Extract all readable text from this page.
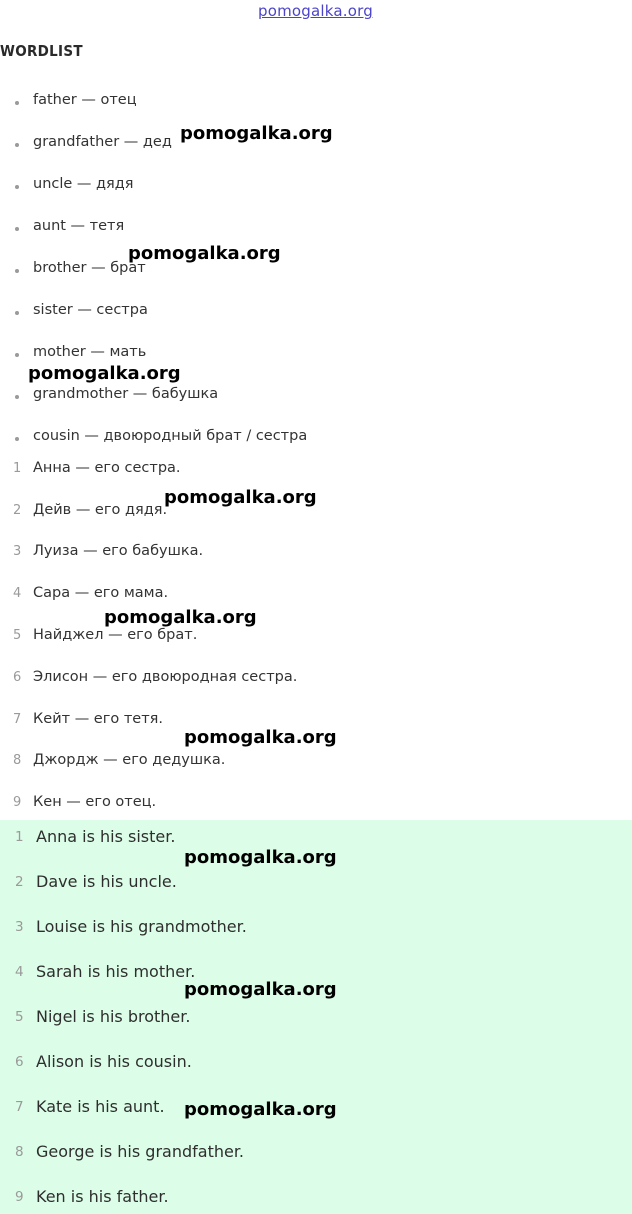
pomogalka.org
WORDLIST
father — отец
grandfather — дед
uncle — дядя
aunt — тетя
brother — брат
sister — сестра
mother — мать
grandmother — бабушка
cousin — двоюродный брат / сестра
1 Анна — его сестра.
2 Дейв — его дядя.
3 Луиза — его бабушка.
4 Сара — его мама.
5 Найджел — его брат.
6 Элисон — его двоюродная сестра.
7 Кейт — его тетя.
8 Джордж — его дедушка.
9 Кен — его отец.
1 Anna is his sister.
2 Dave is his uncle.
3 Louise is his grandmother.
4 Sarah is his mother.
5 Nigel is his brother.
6 Alison is his cousin.
7 Kate is his aunt.
8 George is his grandfather.
9 Ken is his father.
pomogalka.org
pomogalka.org
pomogalka.org
pomogalka.org
pomogalka.org
pomogalka.org
pomogalka.org
pomogalka.org
pomogalka.org
